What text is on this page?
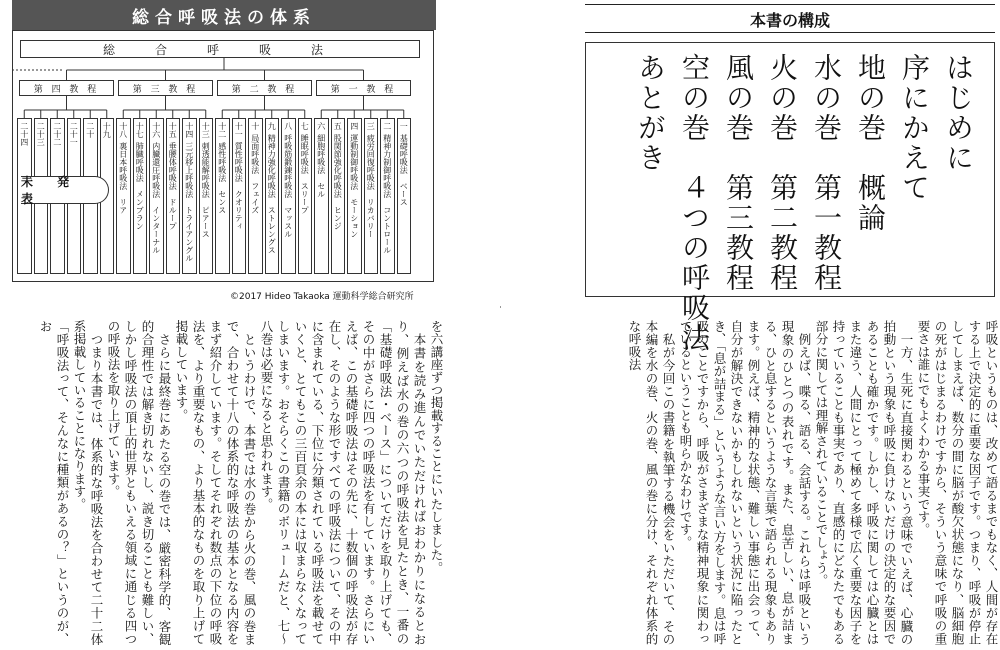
総合呼吸法の体系
総　合　呼　吸　法
第 四 教 程	第 三 教 程	第 二 教 程	第 一 教 程
二十四 二十三 二十二 二十一 二十 十九 十八
裏日本呼吸法　リア
十七
肺臓呼吸法　メンブラン
十六
内臓還圧呼吸法　インターナル
十五
垂腰体呼吸法　ドループ
十四
三元移上呼吸法　トライアングル
十三
刺透能解呼吸法　ピアース
十二
感性呼吸法　センス
十一
質性呼吸法　クオリティ
十
局面呼吸法　フェイズ
九
精神力強化呼吸法　ストレングス
八
呼吸筋鍛錬呼吸法　マッスル
七
睡眠呼吸法　スリープ
六
細胞呼吸法　セル
五
股関節強化呼吸法　ヒンジ
四
運動制御呼吸法　モーション
三
疲労回復呼吸法　リカバリー
二
精神力制御呼吸法　コントロール
一
基礎呼吸法　ベース
未 発 表
©2017 Hideo Takaoka 運動科学総合研究所
本書の構成
はじめに
序にかえて
地の巻　概論
水の巻　第一教程
火の巻　第二教程
風の巻　第三教程
空の巻　４つの呼吸法
あとがき

呼吸というものは、改めて語るまでもなく、人間が存在する上で決定的に重要な因子です。つまり、呼吸が停止してしまえば、数分の間に脳が酸欠状態になり、脳細胞の死がはじまるわけですから、そういう意味で呼吸の重要さは誰にでもよくわかる事実です。

一方、生死に直接関わるという意味でいえば、心臓の拍動という現象も呼吸に負けないだけの決定的な要因であることも確かです。しかし、呼吸に関しては心臓とはまた違う、人間にとって極めて多様で広く重要な因子を持っていることも事実であり、直感的にどなたでもある部分に関しては理解されていることでしょう。

例えば、喋る、語る、会話する。これらは呼吸という現象のひとつの表れです。また、息苦しい、息が詰まる、ひと息するというような言葉で語られる現象もあります。例えば、精神的な状態、難しい事態に出会って、自分が解決できないかもしれないという状況に陥ったとき、「息が詰まる」というような言い方をします。息は呼吸のことですから、呼吸がさまざまな精神現象に関わっているということも明らかなわけです。

私が今回この書籍を執筆する機会をいただいて、その本編を水の巻、火の巻、風の巻に分け、それぞれ体系的な呼吸法

を六講座ずつ掲載することにいたしました。

本書を読み進んでいただければおわかりになるとおり、例えば水の巻の六つの呼吸法を見たとき、一番の「基礎呼吸法・ベース」についてだけを取り上げても、その中がさらに四つの呼吸法を有しています。さらにいえば、この基礎呼吸法はその先に、十数個の呼吸法が存在し、そのような形ですべての呼吸法について、その中に含まれている、下位に分類されている呼吸法を載せていくと、とてもこの三百頁余の本には収まらなくなってしまいます。おそらくこの書籍のボリュームだと、七～八巻は必要になると思われます。

というわけで、本書では水の巻から火の巻、風の巻まで、合わせて十八の体系的な呼吸法の基本となる内容をまず紹介しています。そしてそれぞれ数点の下位の呼吸法を、より重要なもの、より基本的なものを取り上げて掲載しています。

さらに最終巻にあたる空の巻では、厳密科学的、客観的合理性では解き切れないし、説き切ることも難しい、しかし呼吸法の頂上的世界ともいえる領域に通じる四つの呼吸法を取り上げています。

つまり本書では、体系的な呼吸法を合わせて二十二体系掲載していることになります。

「呼吸法って、そんなに種類があるの？」というのが、お
